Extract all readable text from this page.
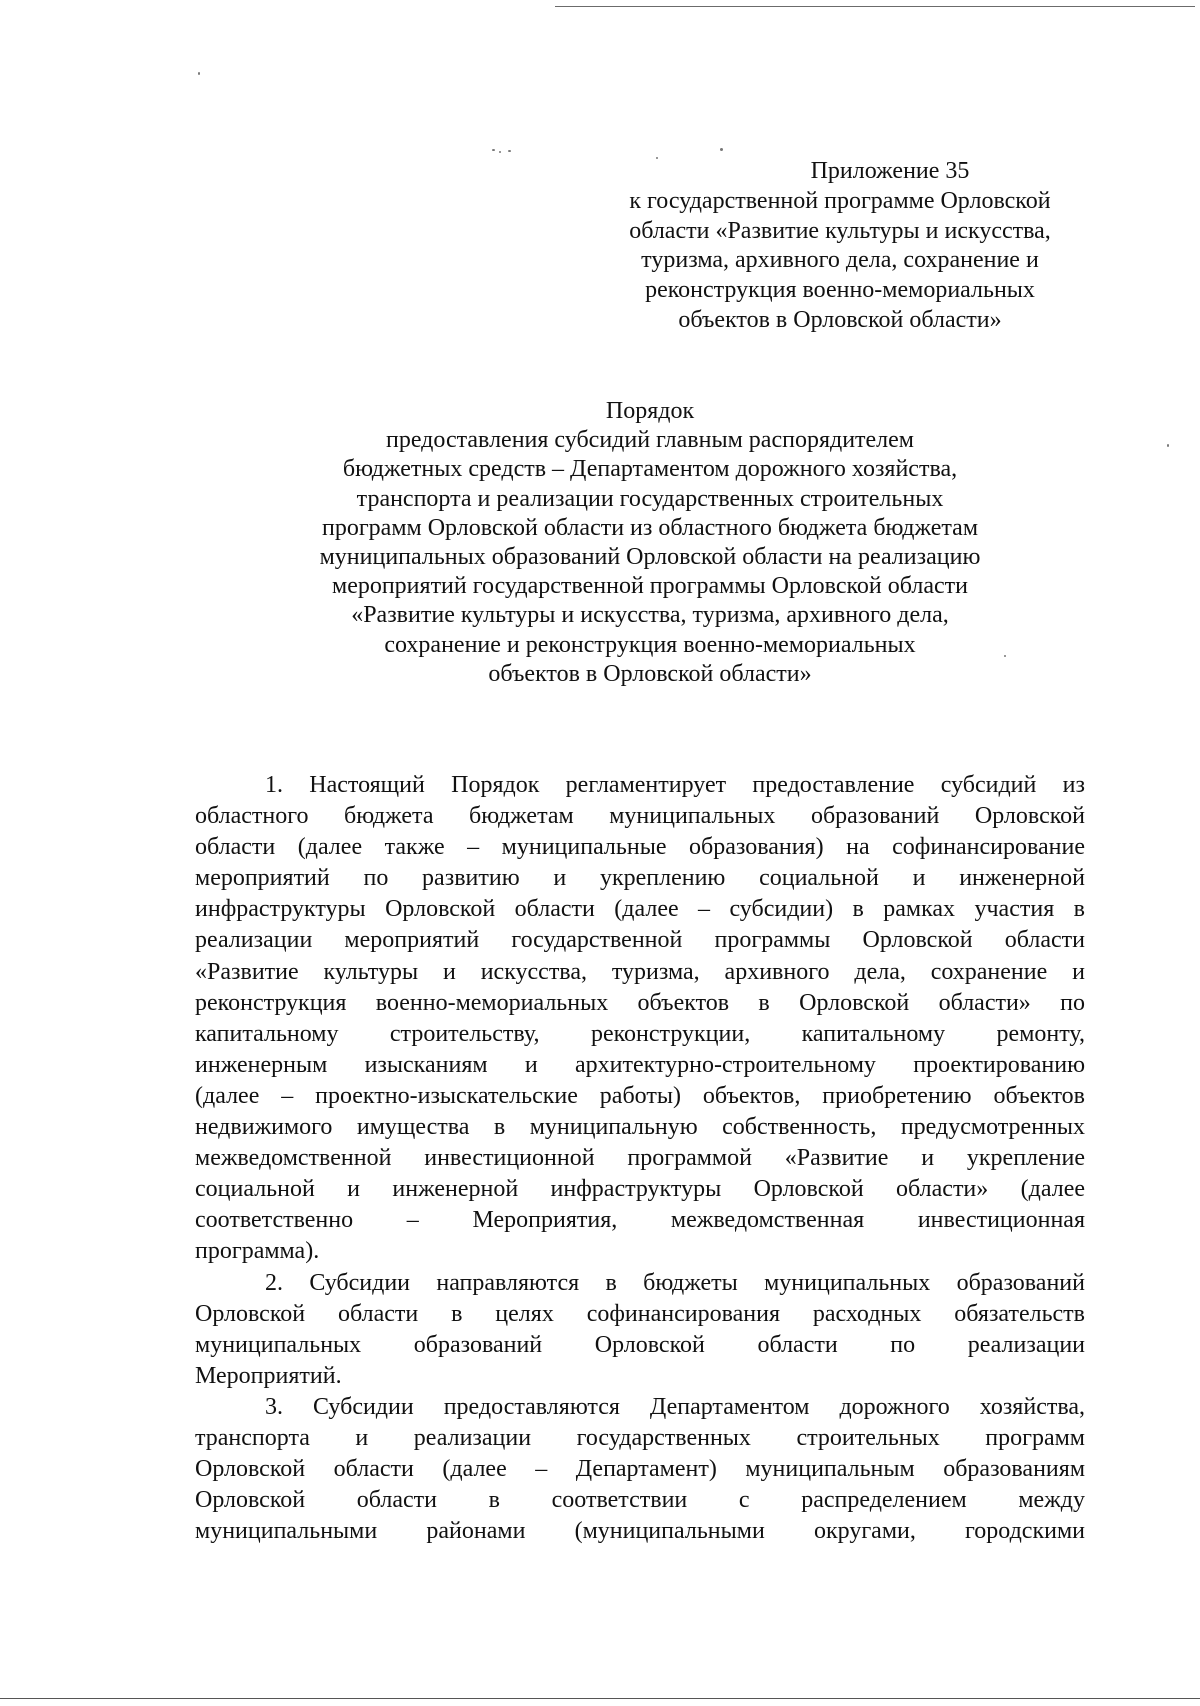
Приложение 35
к государственной программе Орловской
области «Развитие культуры и искусства,
туризма, архивного дела, сохранение и
реконструкция военно-мемориальных
объектов в Орловской области»
Порядок
предоставления субсидий главным распорядителем
бюджетных средств – Департаментом дорожного хозяйства,
транспорта и реализации государственных строительных
программ Орловской области из областного бюджета бюджетам
муниципальных образований Орловской области на реализацию
мероприятий государственной программы Орловской области
«Развитие культуры и искусства, туризма, архивного дела,
сохранение и реконструкция военно-мемориальных
объектов в Орловской области»
1. Настоящий Порядок регламентирует предоставление субсидий из
областного бюджета бюджетам муниципальных образований Орловской
области (далее также – муниципальные образования) на софинансирование
мероприятий по развитию и укреплению социальной и инженерной
инфраструктуры Орловской области (далее – субсидии) в рамках участия в
реализации мероприятий государственной программы Орловской области
«Развитие культуры и искусства, туризма, архивного дела, сохранение и
реконструкция военно-мемориальных объектов в Орловской области» по
капитальному строительству, реконструкции, капитальному ремонту,
инженерным изысканиям и архитектурно-строительному проектированию
(далее – проектно-изыскательские работы) объектов, приобретению объектов
недвижимого имущества в муниципальную собственность, предусмотренных
межведомственной инвестиционной программой «Развитие и укрепление
социальной и инженерной инфраструктуры Орловской области» (далее
соответственно – Мероприятия, межведомственная инвестиционная
программа).
2. Субсидии направляются в бюджеты муниципальных образований
Орловской области в целях софинансирования расходных обязательств
муниципальных образований Орловской области по реализации
Мероприятий.
3. Субсидии предоставляются Департаментом дорожного хозяйства,
транспорта и реализации государственных строительных программ
Орловской области (далее – Департамент) муниципальным образованиям
Орловской области в соответствии с распределением между
муниципальными районами (муниципальными округами, городскими
